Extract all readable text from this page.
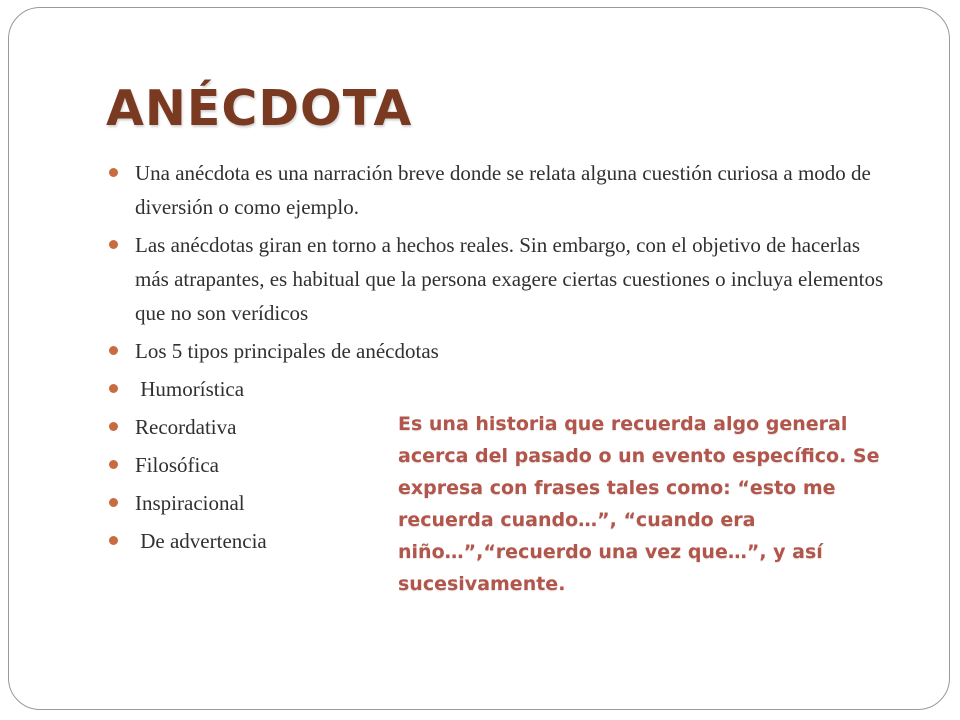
ANÉCDOTA
Una anécdota es una narración breve donde se relata alguna cuestión curiosa a modo de diversión o como ejemplo.
Las anécdotas giran en torno a hechos reales. Sin embargo, con el objetivo de hacerlas más atrapantes, es habitual que la persona exagere ciertas cuestiones o incluya elementos que no son verídicos
Los 5 tipos principales de anécdotas
Humorística
Recordativa
Filosófica
Inspiracional
De advertencia
Es una historia que recuerda algo general acerca del pasado o un evento específico. Se expresa con frases tales como: “esto me recuerda cuando…”, “cuando era niño…”,“recuerdo una vez que…”, y así sucesivamente.
